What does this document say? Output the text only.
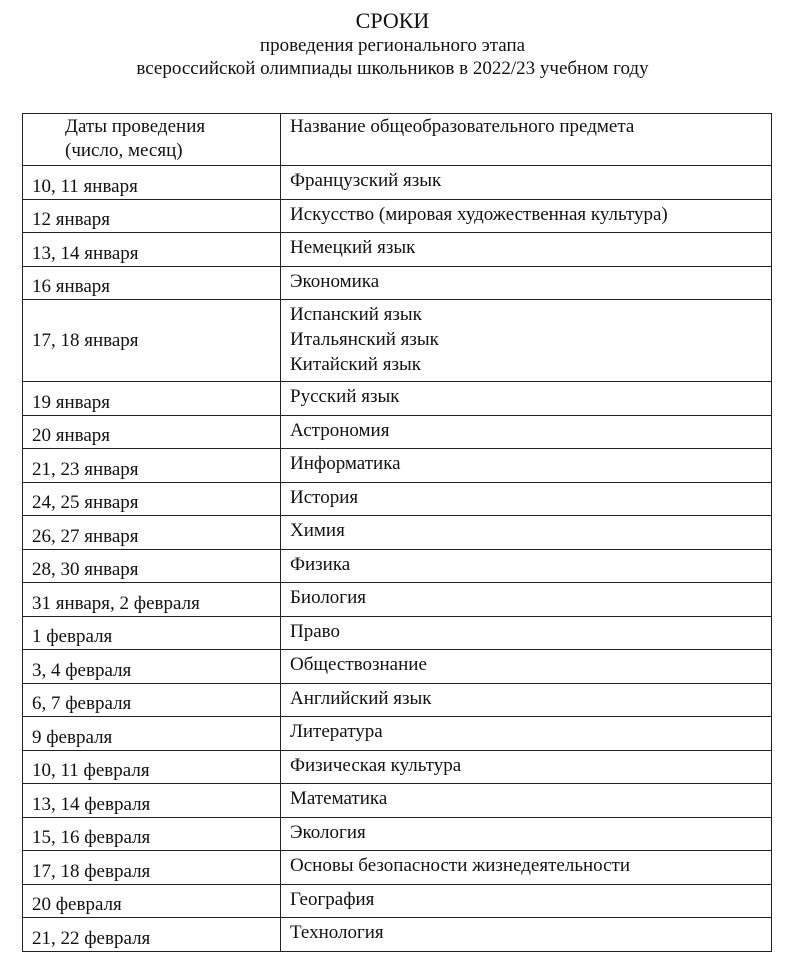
СРОКИ

проведения регионального этапа

всероссийской олимпиады школьников в 2022/23 учебном году

Даты проведения (число, месяц)	Название общеобразовательного предмета
10, 11 января	Французский язык

12 января	Искусство (мировая художественная культура)

13, 14 января	Немецкий язык

16 января	Экономика

17, 18 января	Испанский язык
Итальянский язык
Китайский язык

19 января	Русский язык

20 января	Астрономия

21, 23 января	Информатика

24, 25 января	История

26, 27 января	Химия

28, 30 января	Физика

31 января, 2 февраля	Биология

1 февраля	Право

3, 4 февраля	Обществознание

6, 7 февраля	Английский язык

9 февраля	Литература

10, 11 февраля	Физическая культура

13, 14 февраля	Математика

15, 16 февраля	Экология

17, 18 февраля	Основы безопасности жизнедеятельности

20 февраля	География

21, 22 февраля	Технология
